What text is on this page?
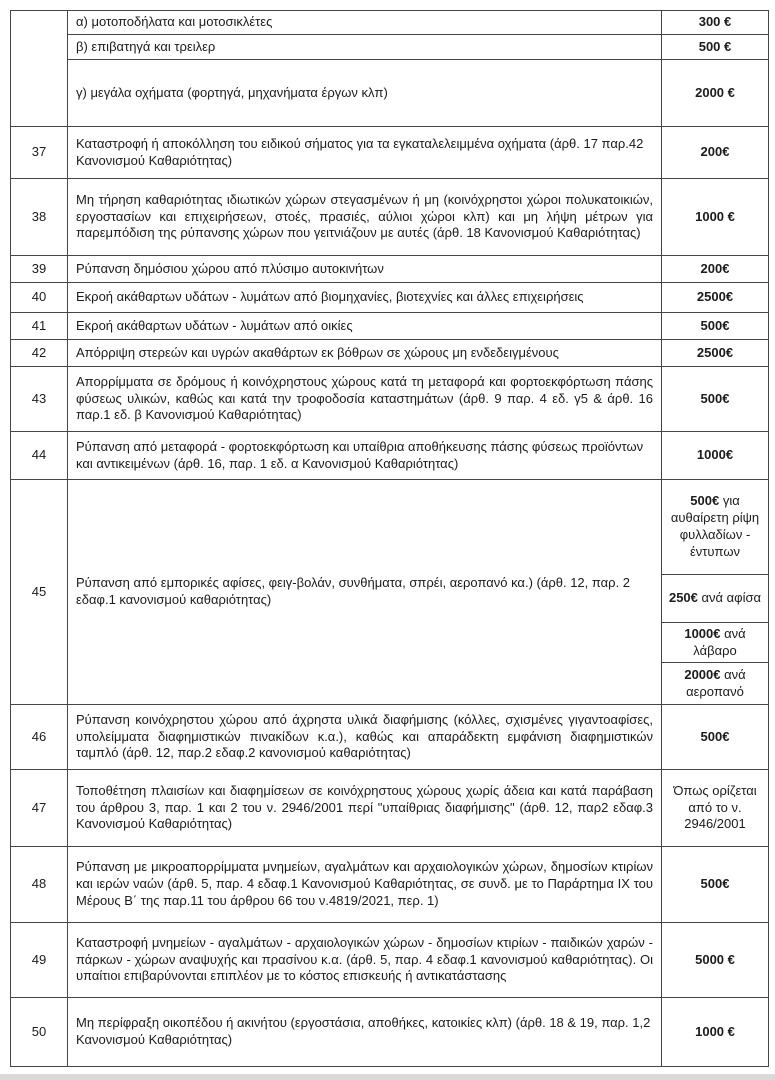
	α) μοτοποδήλατα και μοτοσικλέτες	300 €
	β) επιβατηγά και τρειλερ	500 €
	γ) μεγάλα οχήματα (φορτηγά, μηχανήματα έργων κλπ)	2000 €
37	Καταστροφή ή αποκόλληση του ειδικού σήματος για τα εγκαταλελειμμένα οχήματα (άρθ. 17 παρ.42 Κανονισμού Καθαριότητας)	200€
38	Μη τήρηση καθαριότητας ιδιωτικών χώρων στεγασμένων ή μη (κοινόχρηστοι χώροι πολυκατοικιών, εργοστασίων και επιχειρήσεων, στοές, πρασιές, αύλιοι χώροι κλπ) και μη λήψη μέτρων για παρεμπόδιση της ρύπανσης χώρων που γειτνιάζουν με αυτές (άρθ. 18 Κανονισμού Καθαριότητας)	1000 €
39	Ρύπανση δημόσιου χώρου από πλύσιμο αυτοκινήτων	200€
40	Εκροή ακάθαρτων υδάτων - λυμάτων από βιομηχανίες, βιοτεχνίες και άλλες επιχειρήσεις	2500€
41	Εκροή ακάθαρτων υδάτων - λυμάτων από οικίες	500€
42	Απόρριψη στερεών και υγρών ακαθάρτων εκ βόθρων σε χώρους μη ενδεδειγμένους	2500€
43	Απορρίμματα σε δρόμους ή κοινόχρηστους χώρους κατά τη μεταφορά και φορτοεκφόρτωση πάσης φύσεως υλικών, καθώς και κατά την τροφοδοσία καταστημάτων (άρθ. 9 παρ. 4 εδ. γ5 & άρθ. 16 παρ.1 εδ. β Κανονισμού Καθαριότητας)	500€
44	Ρύπανση από μεταφορά - φορτοεκφόρτωση και υπαίθρια αποθήκευσης πάσης φύσεως προϊόντων και αντικειμένων (άρθ. 16, παρ. 1 εδ. α Κανονισμού Καθαριότητας)	1000€
45	Ρύπανση από εμπορικές αφίσες, φειγ-βολάν, συνθήματα, σπρέι, αεροπανό κα.) (άρθ. 12, παρ. 2 εδαφ.1 κανονισμού καθαριότητας)	500€ για αυθαίρετη ρίψη φυλλαδίων - έντυπων
		250€ ανά αφίσα
		1000€ ανά λάβαρο
		2000€ ανά αεροπανό
46	Ρύπανση κοινόχρηστου χώρου από άχρηστα υλικά διαφήμισης (κόλλες, σχισμένες γιγαντοαφίσες, υπολείμματα διαφημιστικών πινακίδων κ.α.), καθώς και απαράδεκτη εμφάνιση διαφημιστικών ταμπλό (άρθ. 12, παρ.2 εδαφ.2 κανονισμού καθαριότητας)	500€
47	Τοποθέτηση πλαισίων και διαφημίσεων σε κοινόχρηστους χώρους χωρίς άδεια και κατά παράβαση του άρθρου 3, παρ. 1 και 2 του ν. 2946/2001 περί "υπαίθριας διαφήμισης" (άρθ. 12, παρ2 εδαφ.3 Κανονισμού Καθαριότητας)	Όπως ορίζεται από το ν. 2946/2001
48	Ρύπανση με μικροαπορρίμματα μνημείων, αγαλμάτων και αρχαιολογικών χώρων, δημοσίων κτιρίων και ιερών ναών (άρθ. 5, παρ. 4 εδαφ.1 Κανονισμού Καθαριότητας, σε συνδ. με το Παράρτημα IX του Μέρους Β΄ της παρ.11 του άρθρου 66 του ν.4819/2021, περ. 1)	500€
49	Καταστροφή μνημείων - αγαλμάτων - αρχαιολογικών χώρων - δημοσίων κτιρίων - παιδικών χαρών - πάρκων - χώρων αναψυχής και πρασίνου κ.α. (άρθ. 5, παρ. 4 εδαφ.1 κανονισμού καθαριότητας). Οι υπαίτιοι επιβαρύνονται επιπλέον με το κόστος επισκευής ή αντικατάστασης	5000 €
50	Μη περίφραξη οικοπέδου ή ακινήτου (εργοστάσια, αποθήκες, κατοικίες κλπ) (άρθ. 18 & 19, παρ. 1,2 Κανονισμού Καθαριότητας)	1000 €
